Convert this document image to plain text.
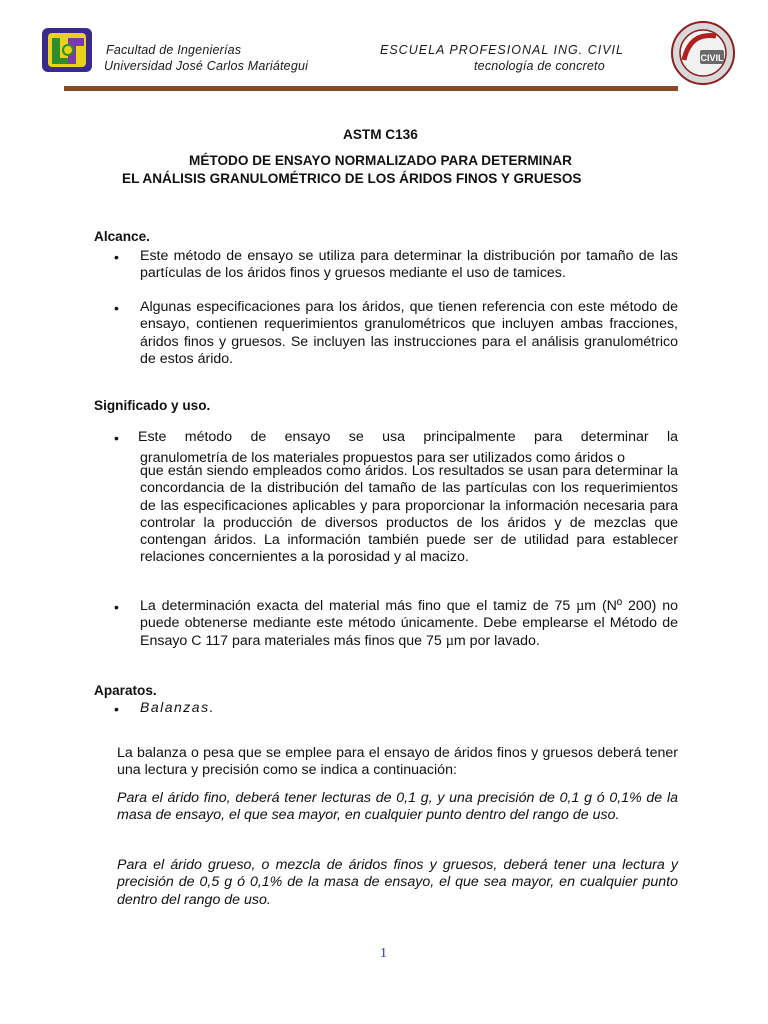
Facultad de Ingenierías
Universidad José Carlos Mariátegui
ESCUELA PROFESIONAL ING. CIVIL
tecnología de concreto
CIVIL
ASTM C136
MÉTODO DE ENSAYO NORMALIZADO PARA DETERMINAR
EL ANÁLISIS GRANULOMÉTRICO DE LOS ÁRIDOS FINOS Y GRUESOS
Alcance.
• Este método de ensayo se utiliza para determinar la distribución por tamaño de las partículas de los áridos finos y gruesos mediante el uso de tamices.

• Algunas especificaciones para los áridos, que tienen referencia con este método de ensayo, contienen requerimientos granulométricos que incluyen ambas fracciones, áridos finos y gruesos. Se incluyen las instrucciones para el análisis granulométrico de estos árido.

Significado y uso.
• Este método de ensayo se usa principalmente para determinar la

granulometría de los materiales propuestos para ser utilizados como áridos o

que están siendo empleados como áridos. Los resultados se usan para determinar la concordancia de la distribución del tamaño de las partículas con los requerimientos de las especificaciones aplicables y para proporcionar la información necesaria para controlar la producción de diversos productos de los áridos y de mezclas que contengan áridos. La información también puede ser de utilidad para establecer relaciones concernientes a la porosidad y al macizo.

• La determinación exacta del material más fino que el tamiz de 75 µm (Nº 200) no puede obtenerse mediante este método únicamente. Debe emplearse el Método de Ensayo C 117 para materiales más finos que 75 µm por lavado.

Aparatos.
• Balanzas.

La balanza o pesa que se emplee para el ensayo de áridos finos y gruesos deberá tener una lectura y precisión como se indica a continuación:

Para el árido fino, deberá tener lecturas de 0,1 g, y una precisión de 0,1 g ó 0,1% de la masa de ensayo, el que sea mayor, en cualquier punto dentro del rango de uso.

Para el árido grueso, o mezcla de áridos finos y gruesos, deberá tener una lectura y precisión de 0,5 g ó 0,1% de la masa de ensayo, el que sea mayor, en cualquier punto dentro del rango de uso.

1
